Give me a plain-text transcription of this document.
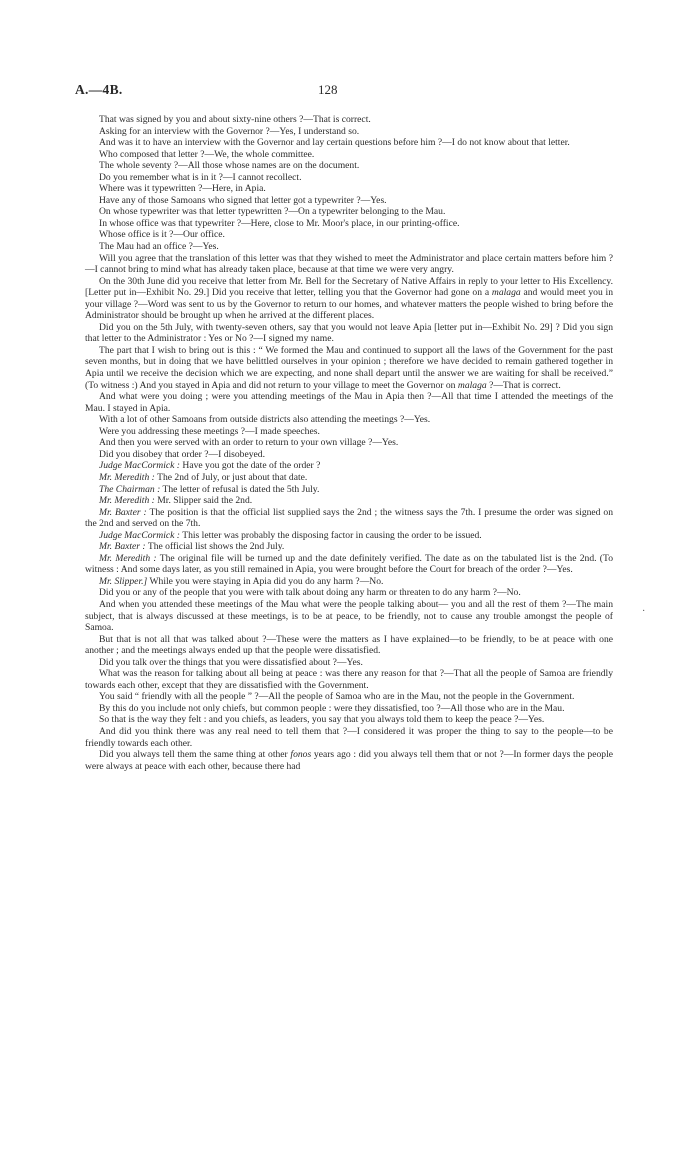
A.—4B.	128

That was signed by you and about sixty-nine others ?—That is correct.

Asking for an interview with the Governor ?—Yes, I understand so.

And was it to have an interview with the Governor and lay certain questions before him ?—I do not know about that letter.

Who composed that letter ?—We, the whole committee.

The whole seventy ?—All those whose names are on the document.

Do you remember what is in it ?—I cannot recollect.

Where was it typewritten ?—Here, in Apia.

Have any of those Samoans who signed that letter got a typewriter ?—Yes.

On whose typewriter was that letter typewritten ?—On a typewriter belonging to the Mau.

In whose office was that typewriter ?—Here, close to Mr. Moor's place, in our printing-office.

Whose office is it ?—Our office.

The Mau had an office ?—Yes.

Will you agree that the translation of this letter was that they wished to meet the Administrator and place certain matters before him ?—I cannot bring to mind what has already taken place, because at that time we were very angry.

On the 30th June did you receive that letter from Mr. Bell for the Secretary of Native Affairs in reply to your letter to His Excellency. [Letter put in—Exhibit No. 29.] Did you receive that letter, telling you that the Governor had gone on a malaga and would meet you in your village ?—Word was sent to us by the Governor to return to our homes, and whatever matters the people wished to bring before the Administrator should be brought up when he arrived at the different places.

Did you on the 5th July, with twenty-seven others, say that you would not leave Apia [letter put in—Exhibit No. 29] ? Did you sign that letter to the Administrator : Yes or No ?—I signed my name.

The part that I wish to bring out is this : “ We formed the Mau and continued to support all the laws of the Government for the past seven months, but in doing that we have belittled ourselves in your opinion ; therefore we have decided to remain gathered together in Apia until we receive the decision which we are expecting, and none shall depart until the answer we are waiting for shall be received.” (To witness :) And you stayed in Apia and did not return to your village to meet the Governor on malaga ?—That is correct.

And what were you doing ; were you attending meetings of the Mau in Apia then ?—All that time I attended the meetings of the Mau. I stayed in Apia.

With a lot of other Samoans from outside districts also attending the meetings ?—Yes.

Were you addressing these meetings ?—I made speeches.

And then you were served with an order to return to your own village ?—Yes.

Did you disobey that order ?—I disobeyed.

Judge MacCormick : Have you got the date of the order ?

Mr. Meredith : The 2nd of July, or just about that date.

The Chairman : The letter of refusal is dated the 5th July.

Mr. Meredith : Mr. Slipper said the 2nd.

Mr. Baxter : The position is that the official list supplied says the 2nd ; the witness says the 7th. I presume the order was signed on the 2nd and served on the 7th.

Judge MacCormick : This letter was probably the disposing factor in causing the order to be issued.

Mr. Baxter : The official list shows the 2nd July.

Mr. Meredith : The original file will be turned up and the date definitely verified. The date as on the tabulated list is the 2nd. (To witness : And some days later, as you still remained in Apia, you were brought before the Court for breach of the order ?—Yes.

Mr. Slipper.] While you were staying in Apia did you do any harm ?—No.

Did you or any of the people that you were with talk about doing any harm or threaten to do any harm ?—No.

And when you attended these meetings of the Mau what were the people talking about— you and all the rest of them ?—The main subject, that is always discussed at these meetings, is to be at peace, to be friendly, not to cause any trouble amongst the people of Samoa.

But that is not all that was talked about ?—These were the matters as I have explained—to be friendly, to be at peace with one another ; and the meetings always ended up that the people were dissatisfied.

Did you talk over the things that you were dissatisfied about ?—Yes.

What was the reason for talking about all being at peace : was there any reason for that ?—That all the people of Samoa are friendly towards each other, except that they are dissatisfied with the Government.

You said “ friendly with all the people ” ?—All the people of Samoa who are in the Mau, not the people in the Government.

By this do you include not only chiefs, but common people : were they dissatisfied, too ?—All those who are in the Mau.

So that is the way they felt : and you chiefs, as leaders, you say that you always told them to keep the peace ?—Yes.

And did you think there was any real need to tell them that ?—I considered it was proper the thing to say to the people—to be friendly towards each other.

Did you always tell them the same thing at other fonos years ago : did you always tell them that or not ?—In former days the people were always at peace with each other, because there had

·
